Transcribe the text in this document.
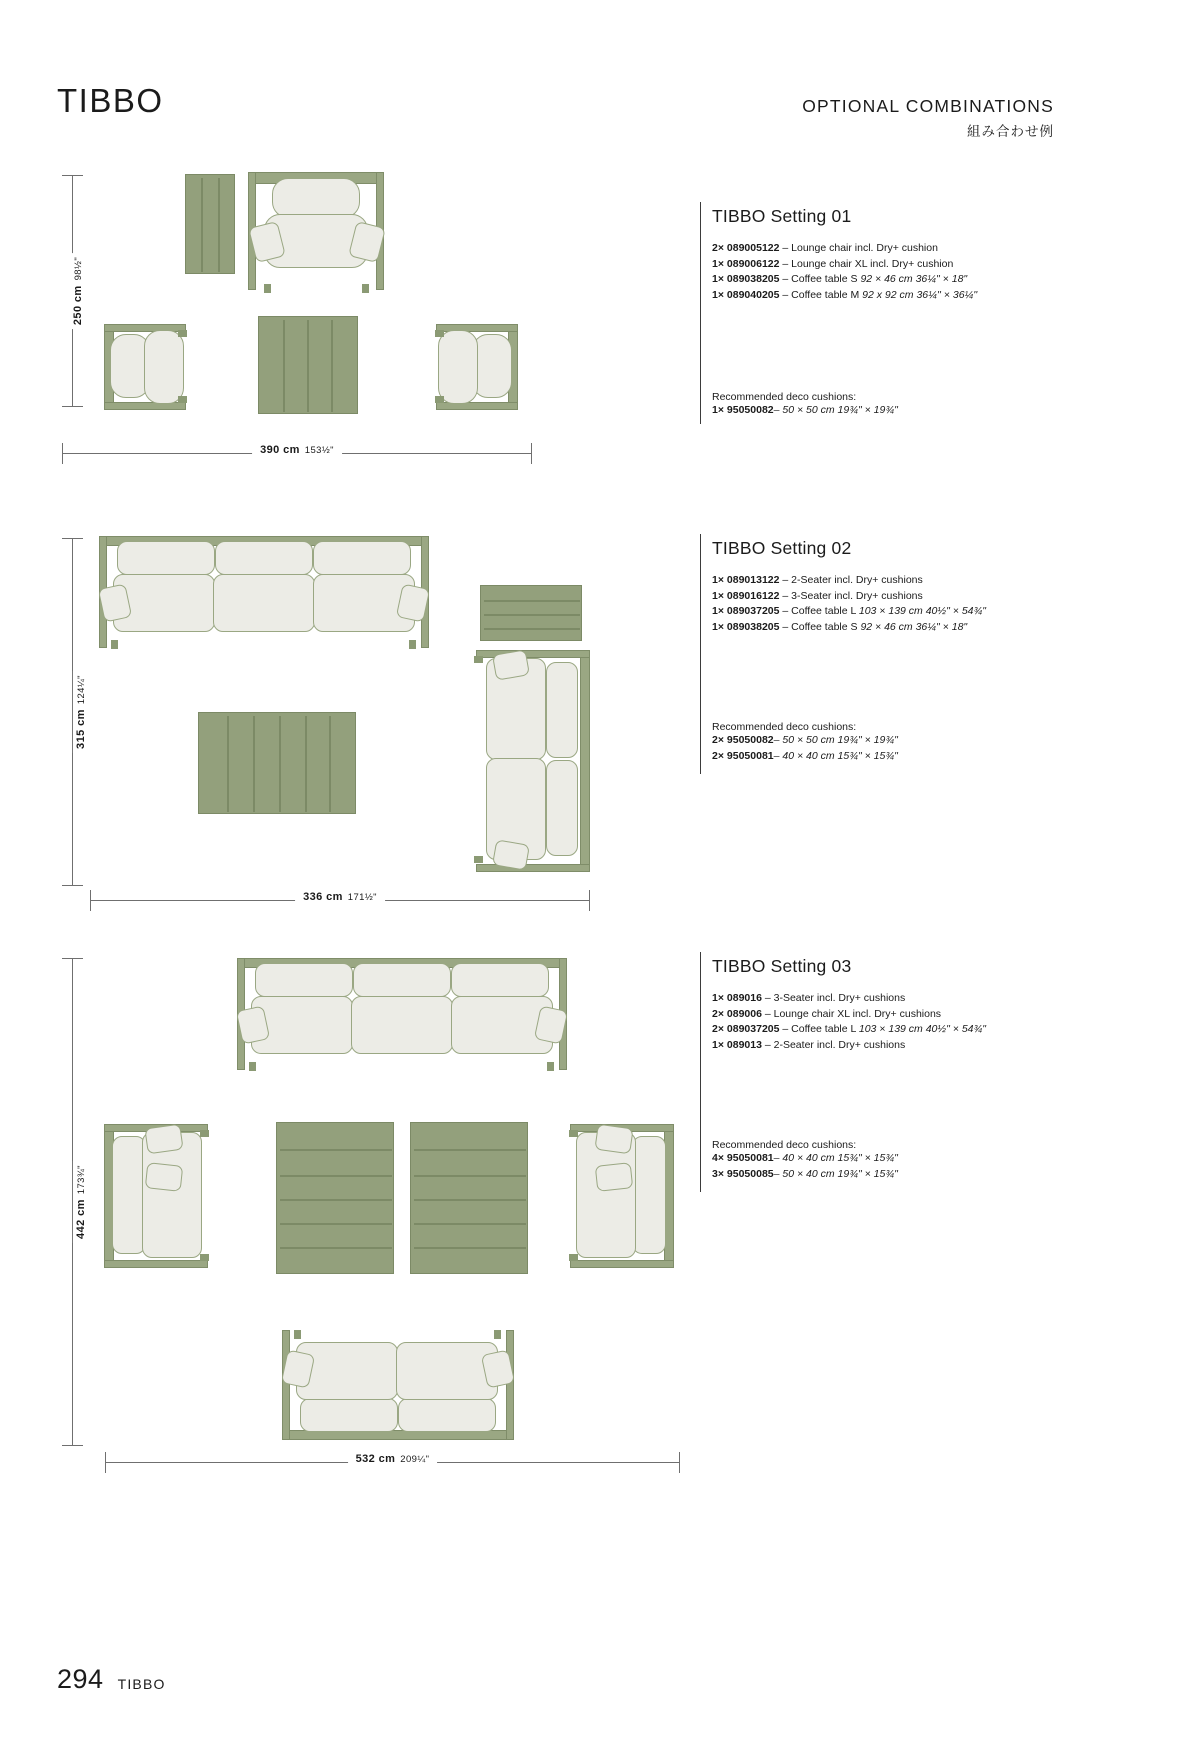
TIBBO	OPTIONAL COMBINATIONS
組み合わせ例
250 cm98½"
390 cm 153½"
TIBBO Setting 01
2× 089005122 – Lounge chair incl. Dry+ cushion
1× 089006122 – Lounge chair XL incl. Dry+ cushion
1× 089038205 – Coffee table S 92 × 46 cm 36¼" × 18"
1× 089040205 – Coffee table M 92 x 92 cm 36¼'' × 36¼''
Recommended deco cushions:
1× 95050082– 50 × 50 cm 19¾" × 19¾"
315 cm124¼"
336 cm 171½"
TIBBO Setting 02
1× 089013122 – 2-Seater incl. Dry+ cushions
1× 089016122 – 3-Seater incl. Dry+ cushions
1× 089037205 – Coffee table L 103 × 139 cm 40½" × 54¾"
1× 089038205 – Coffee table S 92 × 46 cm 36¼" × 18"
Recommended deco cushions:
2× 95050082– 50 × 50 cm 19¾" × 19¾"
2× 95050081– 40 × 40 cm 15¾" × 15¾"
442 cm173¾"
532 cm 209¼"
TIBBO Setting 03
1× 089016 – 3-Seater incl. Dry+ cushions
2× 089006 – Lounge chair XL incl. Dry+ cushions
2× 089037205 – Coffee table L 103 × 139 cm 40½" × 54¾"
1× 089013 – 2-Seater incl. Dry+ cushions
Recommended deco cushions:
4× 95050081– 40 × 40 cm 15¾" × 15¾"
3× 95050085– 50 × 40 cm 19¾" × 15¾"
294 TIBBO
